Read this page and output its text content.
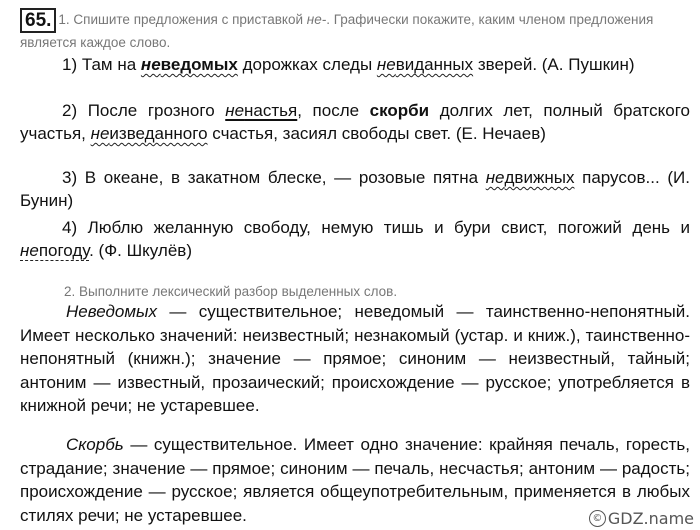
65. 1. Спишите предложения с приставкой не-. Графически покажите, каким членом предложения является каждое слово.
1) Там на неведомых дорожках следы невиданных зверей. (А. Пушкин)
2) После грозного ненастья, после скорби долгих лет, полный братского участья, неизведанного счастья, засиял свободы свет. (Е. Нечаев)
3) В океане, в закатном блеске, — розовые пятна недвижных парусов... (И. Бунин)
4) Люблю желанную свободу, немую тишь и бури свист, погожий день и непогоду. (Ф. Шкулёв)
2. Выполните лексический разбор выделенных слов.
Неведомых — существительное; неведомый — таинственно-непонятный. Имеет несколько значений: неизвестный; незнакомый (устар. и книж.), таинственно-непонятный (книжн.); значение — прямое; синоним — неизвестный, тайный; антоним — известный, прозаический; происхождение — русское; употребляется в книжной речи; не устаревшее.
Скорбь — существительное. Имеет одно значение: крайняя печаль, горесть, страдание; значение — прямое; синоним — печаль, несчастья; антоним — радость; происхождение — русское; является общеупотребительным, применяется в любых стилях речи; не устаревшее.	© GDZ.name
